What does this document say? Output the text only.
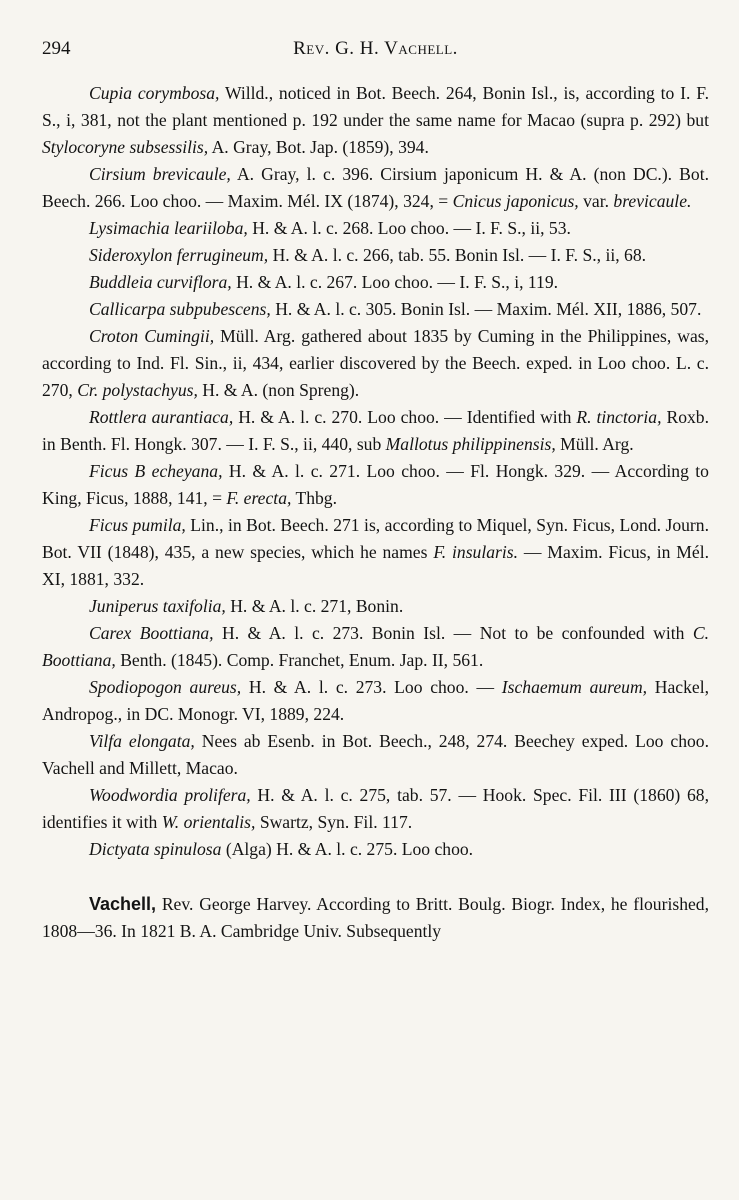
294	Rev. G. H. Vachell.

Cupia corymbosa, Willd., noticed in Bot. Beech. 264, Bonin Isl., is, according to I. F. S., i, 381, not the plant mentioned p. 192 under the same name for Macao (supra p. 292) but Stylocoryne subsessilis, A. Gray, Bot. Jap. (1859), 394.

Cirsium brevicaule, A. Gray, l. c. 396. Cirsium japonicum H. & A. (non DC.). Bot. Beech. 266. Loo choo. — Maxim. Mél. IX (1874), 324, = Cnicus japonicus, var. brevicaule.

Lysimachia leariiloba, H. & A. l. c. 268. Loo choo. — I. F. S., ii, 53.

Sideroxylon ferrugineum, H. & A. l. c. 266, tab. 55. Bonin Isl. — I. F. S., ii, 68.

Buddleia curviflora, H. & A. l. c. 267. Loo choo. — I. F. S., i, 119.

Callicarpa subpubescens, H. & A. l. c. 305. Bonin Isl. — Maxim. Mél. XII, 1886, 507.

Croton Cumingii, Müll. Arg. gathered about 1835 by Cuming in the Philippines, was, according to Ind. Fl. Sin., ii, 434, earlier discovered by the Beech. exped. in Loo choo. L. c. 270, Cr. polystachyus, H. & A. (non Spreng).

Rottlera aurantiaca, H. & A. l. c. 270. Loo choo. — Identified with R. tinctoria, Roxb. in Benth. Fl. Hongk. 307. — I. F. S., ii, 440, sub Mallotus philippinensis, Müll. Arg.

Ficus B echeyana, H. & A. l. c. 271. Loo choo. — Fl. Hongk. 329. — According to King, Ficus, 1888, 141, = F. erecta, Thbg.

Ficus pumila, Lin., in Bot. Beech. 271 is, according to Miquel, Syn. Ficus, Lond. Journ. Bot. VII (1848), 435, a new species, which he names F. insularis. — Maxim. Ficus, in Mél. XI, 1881, 332.

Juniperus taxifolia, H. & A. l. c. 271, Bonin.

Carex Boottiana, H. & A. l. c. 273. Bonin Isl. — Not to be confounded with C. Boottiana, Benth. (1845). Comp. Franchet, Enum. Jap. II, 561.

Spodiopogon aureus, H. & A. l. c. 273. Loo choo. — Ischaemum aureum, Hackel, Andropog., in DC. Monogr. VI, 1889, 224.

Vilfa elongata, Nees ab Esenb. in Bot. Beech., 248, 274. Beechey exped. Loo choo. Vachell and Millett, Macao.

Woodwordia prolifera, H. & A. l. c. 275, tab. 57. — Hook. Spec. Fil. III (1860) 68, identifies it with W. orientalis, Swartz, Syn. Fil. 117.

Dictyata spinulosa (Alga) H. & A. l. c. 275. Loo choo.

Vachell, Rev. George Harvey. According to Britt. Boulg. Biogr. Index, he flourished, 1808—36. In 1821 B. A. Cambridge Univ. Subsequently
